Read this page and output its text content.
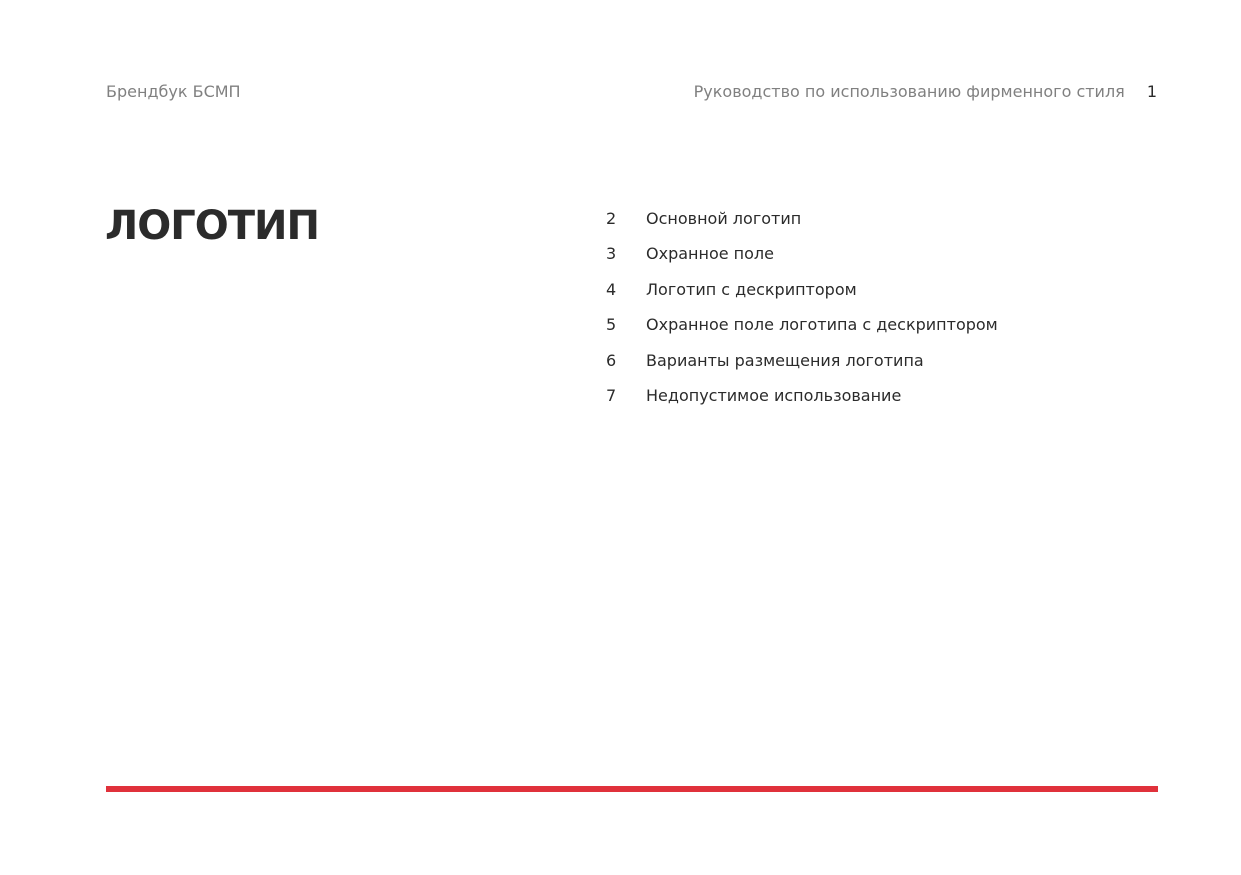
Брендбук БСМП	Руководство по использованию фирменного стиля 1
ЛОГОТИП	2	Основной логотип
3	Охранное поле
4	Логотип с дескриптором
5	Охранное поле логотипа с дескриптором
6	Варианты размещения логотипа
7	Недопустимое использование
